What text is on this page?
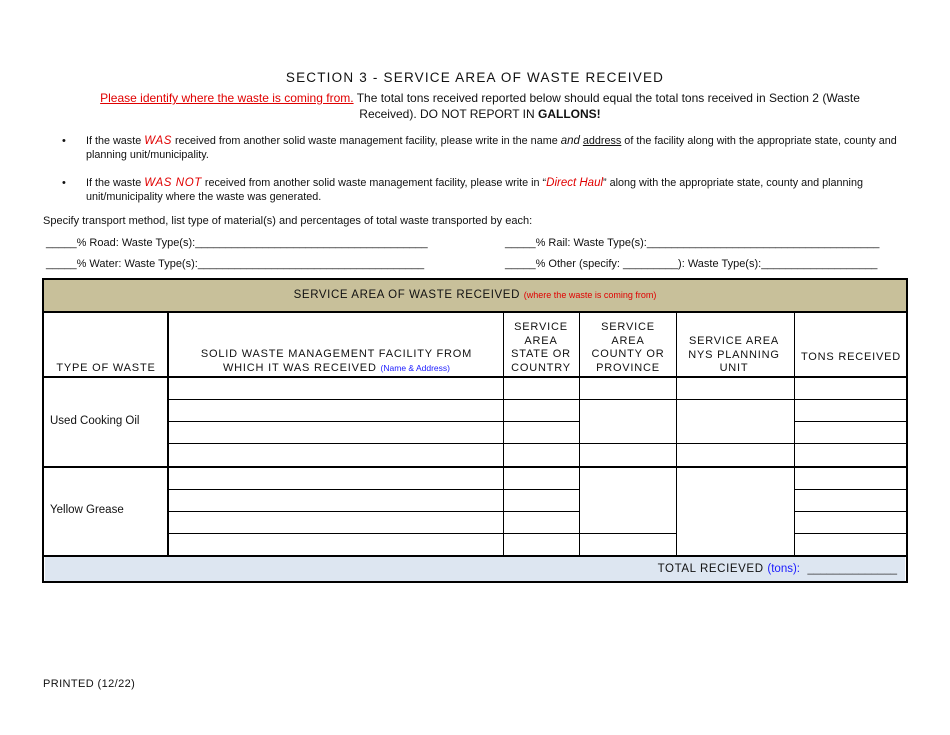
SECTION 3 - SERVICE AREA OF WASTE RECEIVED
Please identify where the waste is coming from. The total tons received reported below should equal the total tons received in Section 2 (Waste Received). DO NOT REPORT IN GALLONS!
• If the waste WAS received from another solid waste management facility, please write in the name and address of the facility along with the appropriate state, county and planning unit/municipality.
• If the waste WAS NOT received from another solid waste management facility, please write in “Direct Haul” along with the appropriate state, county and planning unit/municipality where the waste was generated.
Specify transport method, list type of material(s) and percentages of total waste transported by each:
_____% Road: Waste Type(s):______________________________________	_____% Rail: Waste Type(s):______________________________________
_____% Water: Waste Type(s):_____________________________________	_____% Other (specify: _________): Waste Type(s):___________________
SERVICE AREA OF WASTE RECEIVED (where the waste is coming from)
TYPE OF WASTE
SOLID WASTE MANAGEMENT FACILITY FROM WHICH IT WAS RECEIVED (Name & Address)
SERVICE AREA STATE OR COUNTRY
SERVICE AREA COUNTY OR PROVINCE
SERVICE AREA NYS PLANNING UNIT
TONS RECEIVED
Used Cooking Oil
Yellow Grease
TOTAL RECIEVED (tons): ______________
PRINTED (12/22)
